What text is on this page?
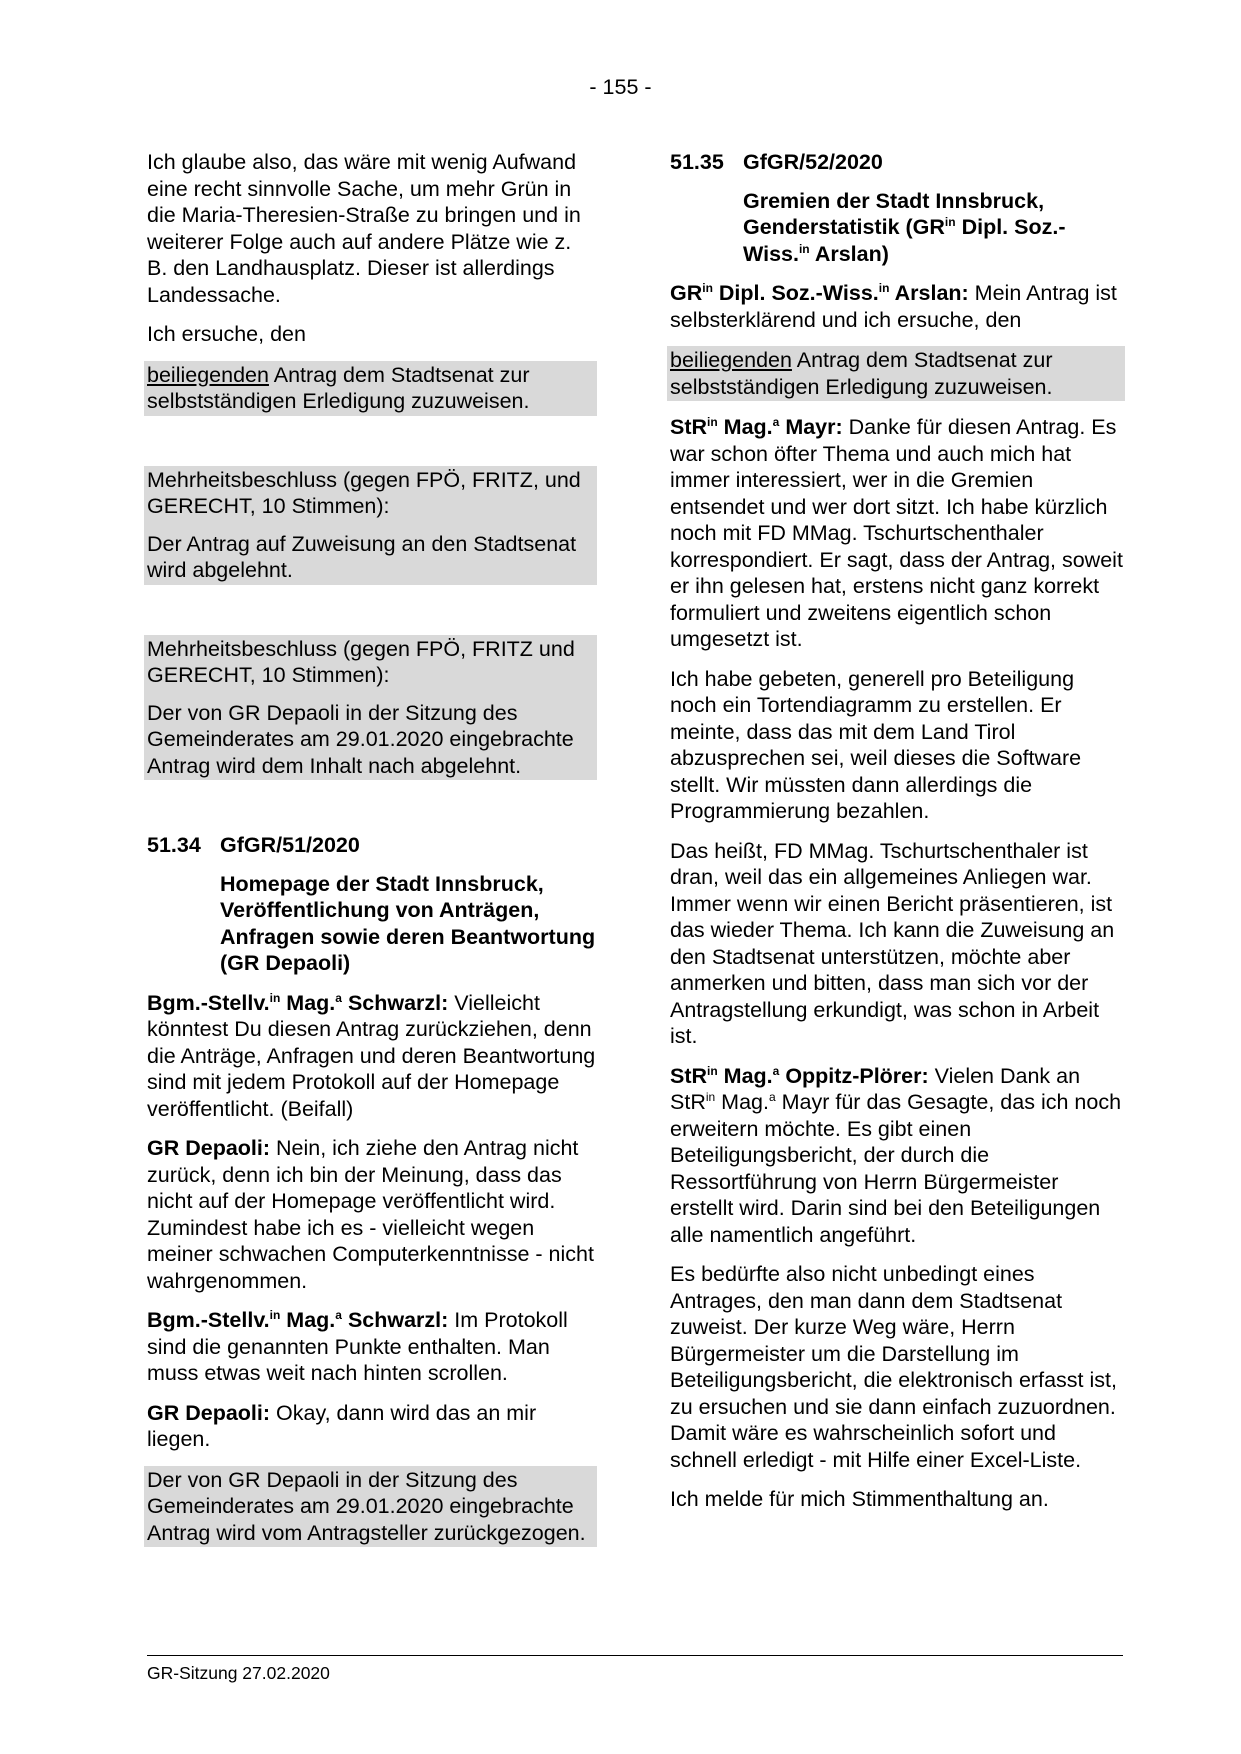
- 155 -

Ich glaube also, das wäre mit wenig Aufwand eine recht sinnvolle Sache, um mehr Grün in die Maria-Theresien-Straße zu bringen und in weiterer Folge auch auf andere Plätze wie z. B. den Landhausplatz. Dieser ist allerdings Landessache.

Ich ersuche, den

beiliegenden Antrag dem Stadtsenat zur selbstständigen Erledigung zuzuweisen.

Mehrheitsbeschluss (gegen FPÖ, FRITZ, und GERECHT, 10 Stimmen):

Der Antrag auf Zuweisung an den Stadtsenat wird abgelehnt.

Mehrheitsbeschluss (gegen FPÖ, FRITZ und GERECHT, 10 Stimmen):

Der von GR Depaoli in der Sitzung des Gemeinderates am 29.01.2020 eingebrachte Antrag wird dem Inhalt nach abgelehnt.

51.34 GfGR/51/2020
Homepage der Stadt Innsbruck, Veröffentlichung von Anträgen, Anfragen sowie deren Beantwortung (GR Depaoli)

Bgm.-Stellv.$^{in}$ Mag.$^a$ Schwarzl: Vielleicht könntest Du diesen Antrag zurückziehen, denn die Anträge, Anfragen und deren Beantwortung sind mit jedem Protokoll auf der Homepage veröffentlicht. (Beifall)

GR Depaoli: Nein, ich ziehe den Antrag nicht zurück, denn ich bin der Meinung, dass das nicht auf der Homepage veröffentlicht wird. Zumindest habe ich es - vielleicht wegen meiner schwachen Computerkenntnisse - nicht wahrgenommen.

Bgm.-Stellv.$^{in}$ Mag.$^a$ Schwarzl: Im Protokoll sind die genannten Punkte enthalten. Man muss etwas weit nach hinten scrollen.

GR Depaoli: Okay, dann wird das an mir liegen.

Der von GR Depaoli in der Sitzung des Gemeinderates am 29.01.2020 eingebrachte Antrag wird vom Antragsteller zurückgezogen.

51.35 GfGR/52/2020
Gremien der Stadt Innsbruck, Genderstatistik ($GR^{in}$ Dipl. Soz.-Wiss.$^{in}$ Arslan)

$GR^{in}$ Dipl. Soz.-Wiss.$^{in}$ Arslan: Mein Antrag ist selbsterklärend und ich ersuche, den

beiliegenden Antrag dem Stadtsenat zur selbstständigen Erledigung zuzuweisen.

StR$^{in}$ Mag.$^a$ Mayr: Danke für diesen Antrag. Es war schon öfter Thema und auch mich hat immer interessiert, wer in die Gremien entsendet und wer dort sitzt. Ich habe kürzlich noch mit FD MMag. Tschurtschenthaler korrespondiert. Er sagt, dass der Antrag, soweit er ihn gelesen hat, erstens nicht ganz korrekt formuliert und zweitens eigentlich schon umgesetzt ist.

Ich habe gebeten, generell pro Beteiligung noch ein Tortendiagramm zu erstellen. Er meinte, dass das mit dem Land Tirol abzusprechen sei, weil dieses die Software stellt. Wir müssten dann allerdings die Programmierung bezahlen.

Das heißt, FD MMag. Tschurtschenthaler ist dran, weil das ein allgemeines Anliegen war. Immer wenn wir einen Bericht präsentieren, ist das wieder Thema. Ich kann die Zuweisung an den Stadtsenat unterstützen, möchte aber anmerken und bitten, dass man sich vor der Antragstellung erkundigt, was schon in Arbeit ist.

StR$^{in}$ Mag.$^a$ Oppitz-Plörer: Vielen Dank an StR$^{in}$ Mag.$^a$ Mayr für das Gesagte, das ich noch erweitern möchte. Es gibt einen Beteiligungsbericht, der durch die Ressortführung von Herrn Bürgermeister erstellt wird. Darin sind bei den Beteiligungen alle namentlich angeführt.

Es bedürfte also nicht unbedingt eines Antrages, den man dann dem Stadtsenat zuweist. Der kurze Weg wäre, Herrn Bürgermeister um die Darstellung im Beteiligungsbericht, die elektronisch erfasst ist, zu ersuchen und sie dann einfach zuzuordnen. Damit wäre es wahrscheinlich sofort und schnell erledigt - mit Hilfe einer Excel-Liste.

Ich melde für mich Stimmenthaltung an.

GR-Sitzung 27.02.2020
